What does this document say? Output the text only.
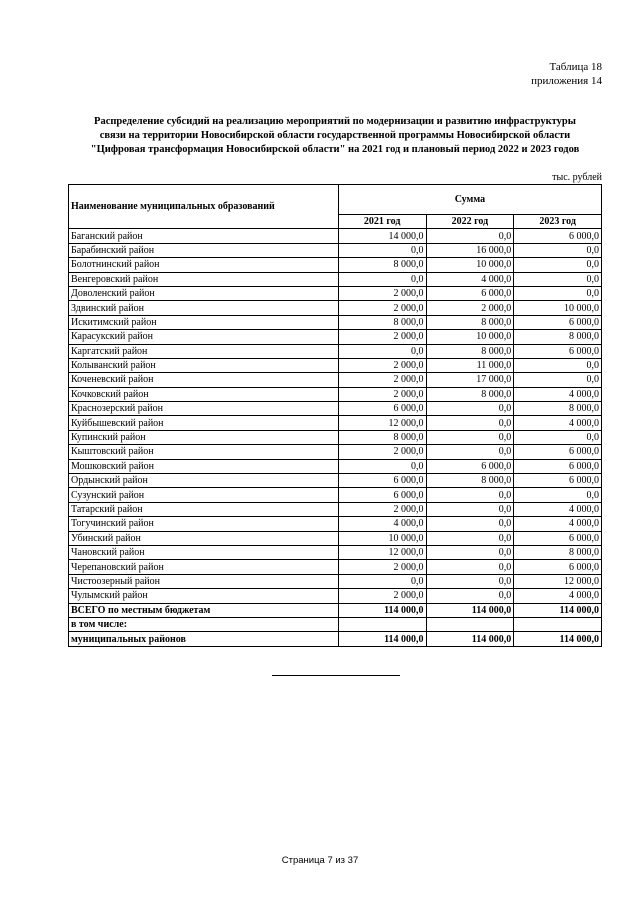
Таблица 18
приложения 14
Распределение субсидий на реализацию мероприятий по модернизации и развитию инфраструктуры
связи на территории Новосибирской области государственной программы Новосибирской области
"Цифровая трансформация Новосибирской области" на 2021 год и плановый период 2022 и 2023 годов
тыс. рублей
Наименование муниципальных образований	Сумма		
	2021 год	2022 год	2023 год
Баганский район	14 000,0	0,0	6 000,0
Барабинский район	0,0	16 000,0	0,0
Болотнинский район	8 000,0	10 000,0	0,0
Венгеровский район	0,0	4 000,0	0,0
Доволенский район	2 000,0	6 000,0	0,0
Здвинский район	2 000,0	2 000,0	10 000,0
Искитимский район	8 000,0	8 000,0	6 000,0
Карасукский район	2 000,0	10 000,0	8 000,0
Каргатский район	0,0	8 000,0	6 000,0
Колыванский район	2 000,0	11 000,0	0,0
Коченевский район	2 000,0	17 000,0	0,0
Кочковский район	2 000,0	8 000,0	4 000,0
Краснозерский район	6 000,0	0,0	8 000,0
Куйбышевский район	12 000,0	0,0	4 000,0
Купинский район	8 000,0	0,0	0,0
Кыштовский район	2 000,0	0,0	6 000,0
Мошковский район	0,0	6 000,0	6 000,0
Ордынский район	6 000,0	8 000,0	6 000,0
Сузунский район	6 000,0	0,0	0,0
Татарский район	2 000,0	0,0	4 000,0
Тогучинский район	4 000,0	0,0	4 000,0
Убинский район	10 000,0	0,0	6 000,0
Чановский район	12 000,0	0,0	8 000,0
Черепановский район	2 000,0	0,0	6 000,0
Чистоозерный район	0,0	0,0	12 000,0
Чулымский район	2 000,0	0,0	4 000,0
ВСЕГО по местным бюджетам	114 000,0	114 000,0	114 000,0
в том числе:			
муниципальных районов	114 000,0	114 000,0	114 000,0
Страница 7 из 37
